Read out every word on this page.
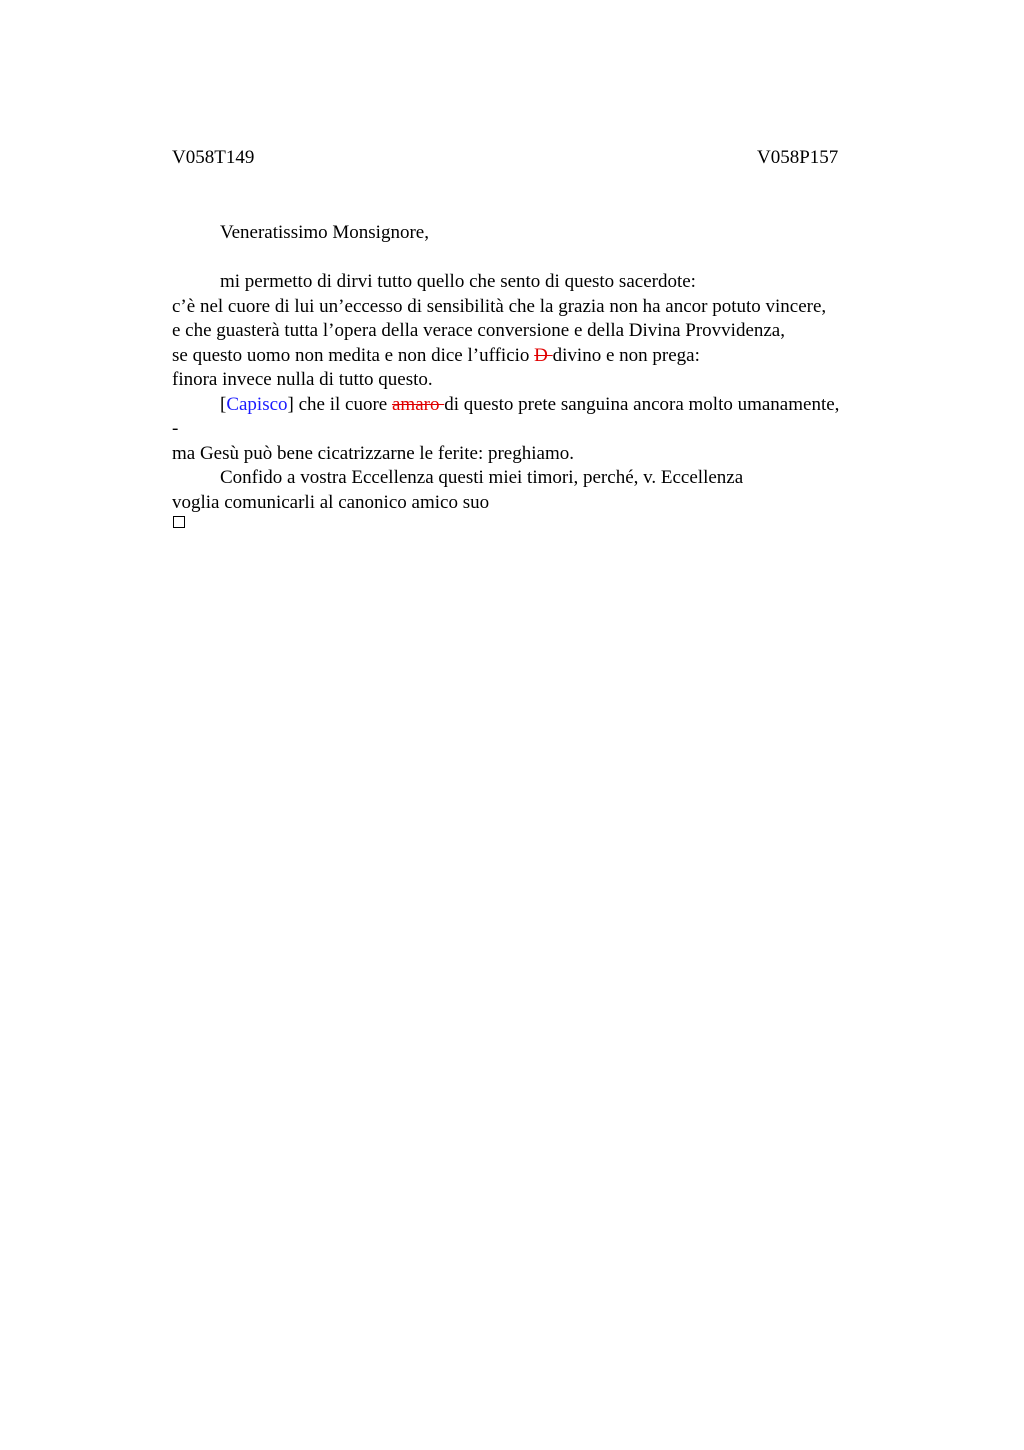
V058T149	V058P157
Veneratissimo Monsignore,
mi permetto di dirvi tutto quello che sento di questo sacerdote:
c’è nel cuore di lui un’eccesso di sensibilità che la grazia non ha ancor potuto vincere,
e che guasterà tutta l’opera della verace conversione e della Divina Provvidenza,
se questo uomo non medita e non dice l’ufficio D divino e non prega:
finora invece nulla di tutto questo.
[Capisco] che il cuore amaro di questo prete sanguina ancora molto umanamente,
-
ma Gesù può bene cicatrizzarne le ferite: preghiamo.
Confido a vostra Eccellenza questi miei timori, perché, v. Eccellenza
voglia comunicarli al canonico amico suo
